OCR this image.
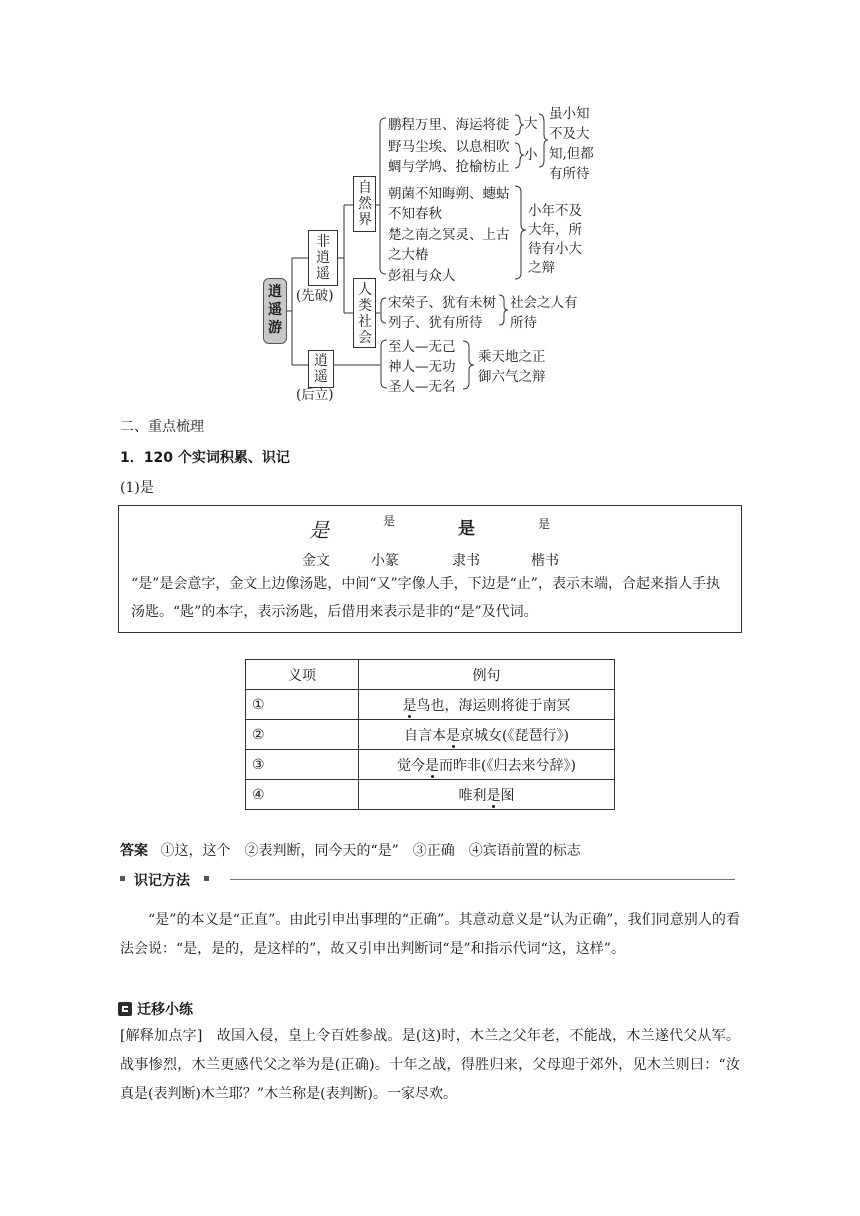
逍遥游
非逍遥
(先破)
逍遥
(后立)
自然界
人类社会
鹏程万里、海运将徙
野马尘埃、以息相吹
蜩与学鸠、抢榆枋止
大
小
虽小知
不及大
知,但都
有所待
朝菌不知晦朔、蟪蛄
不知春秋
楚之南之冥灵、上古
之大椿
彭祖与众人
小年不及
大年，所
待有小大
之辩
宋荣子、犹有未树
列子、犹有所待
社会之人有
所待
至人—无己
神人—无功
圣人—无名
乘天地之正
御六气之辩
二、重点梳理
1．120 个实词积累、识记
(1)是
是	是	是	是
金文	小篆	隶书	楷书
“是”是会意字，金文上边像汤匙，中间“又”字像人手，下边是“止”，表示末端，合起来指人手执汤匙。“匙”的本字，表示汤匙，后借用来表示是非的“是”及代词。
义项	例句
①	是鸟也，海运则将徙于南冥
②	自言本是京城女(《琵琶行》)
③	觉今是而昨非(《归去来兮辞》)
④	唯利是图
答案 ①这，这个　②表判断，同今天的“是”　③正确　④宾语前置的标志
识记方法
“是”的本义是“正直”。由此引申出事理的“正确”。其意动意义是“认为正确”，我们同意别人的看法会说：“是，是的，是这样的”，故又引申出判断词“是”和指示代词“这，这样”。
迁移小练
[解释加点字]　故国入侵，皇上令百姓参战。是(这)时，木兰之父年老，不能战，木兰遂代父从军。战事惨烈，木兰更感代父之举为是(正确)。十年之战，得胜归来，父母迎于郊外，见木兰则曰：“汝真是(表判断)木兰耶？”木兰称是(表判断)。一家尽欢。
